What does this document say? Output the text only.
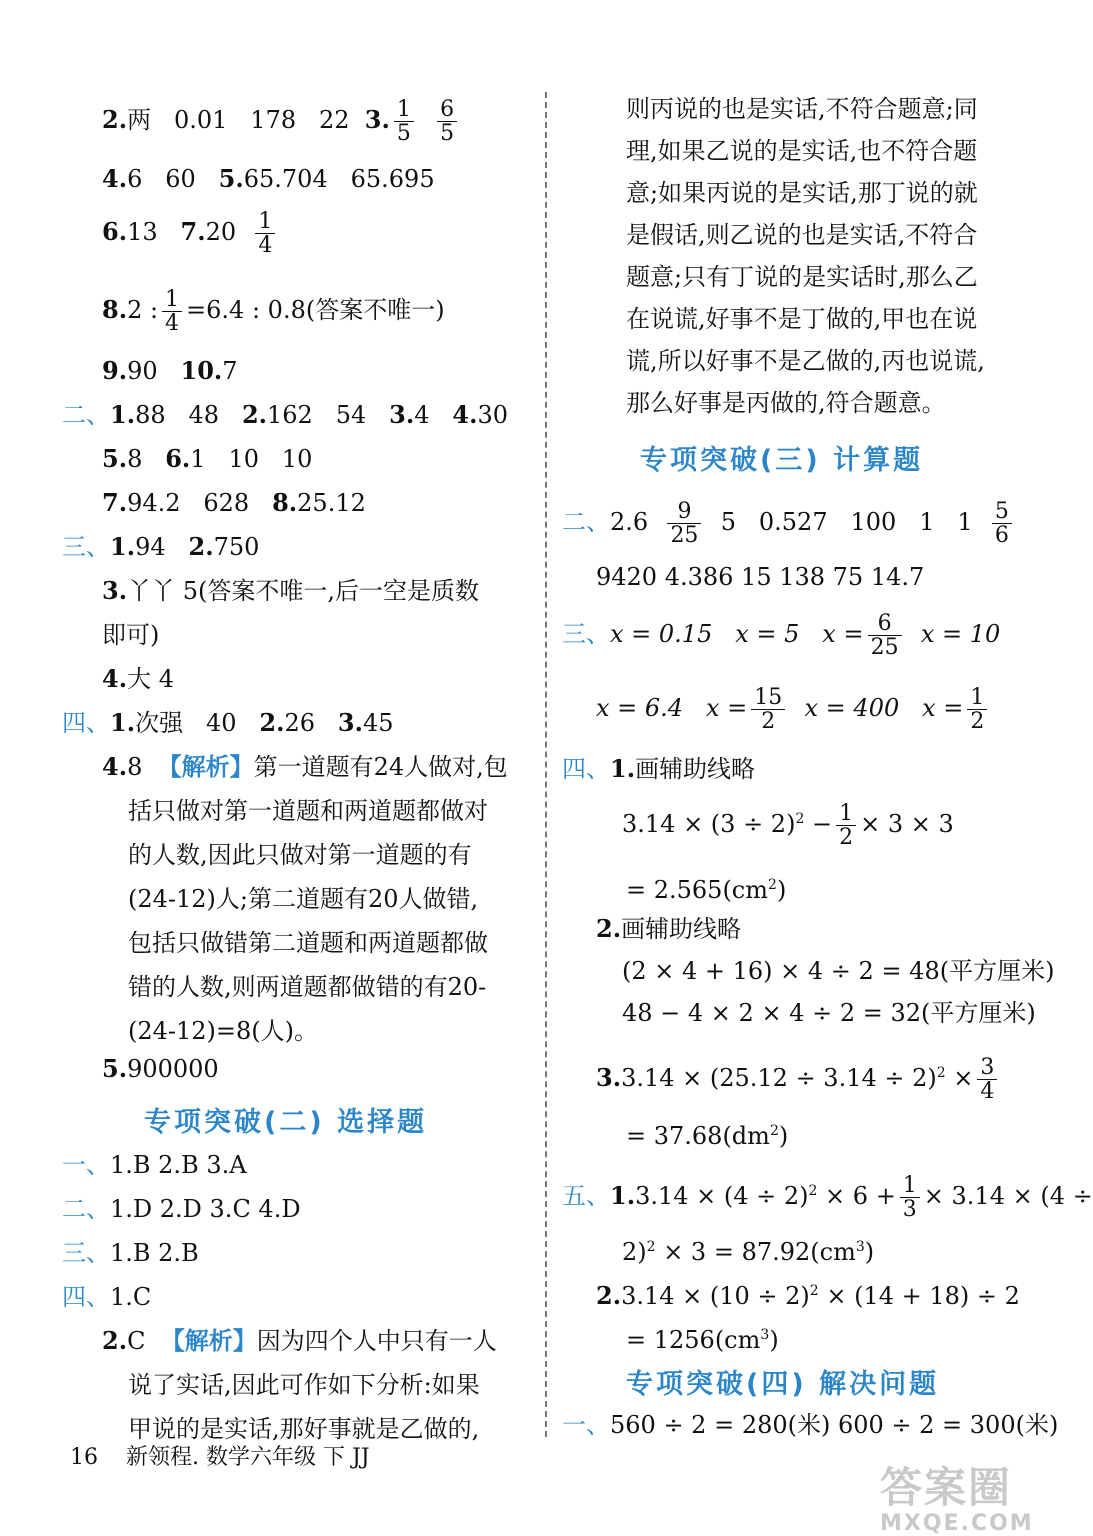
2.两 0.01 178 22 3. $\frac{1}{5}$
$\frac{6}{5}$
4.6 60 5.65.704 65.695
6.13 $7.20 \frac{1}{4}$
8.2 : $\frac{1}{4} =6.4$ : 0.8(答案不唯一)
9.90 10.7
二、1.88 48 2.162 54 3.4 4.30
5.8 6.1 10 10
7.94.2 628 8.25.12
三、1.94 2.750
3.丫丫 5(答案不唯一,后一空是质数
即可)
4.大 4
四、1.次强 40 2.26 3.45
4.8 【解析】第一道题有24人做对,包
括只做对第一道题和两道题都做对
的人数,因此只做对第一道题的有
(24-12)人;第二道题有20人做错,
包括只做错第二道题和两道题都做
错的人数,则两道题都做错的有20-
(24-12)=8(人)。
5.900000
专项突破(二) 选择题
一、1.B 2.B 3.A
二、1.D 2.D 3.C 4.D
三、1.B 2.B
四、1.C
2.C 【解析】因为四个人中只有一人
说了实话,因此可作如下分析:如果
甲说的是实话,那好事就是乙做的,
则丙说的也是实话,不符合题意;同
理,如果乙说的是实话,也不符合题
意;如果丙说的是实话,那丁说的就
是假话,则乙说的也是实话,不符合
题意;只有丁说的是实话时,那么乙
在说谎,好事不是丁做的,甲也在说
谎,所以好事不是乙做的,丙也说谎,
那么好事是丙做的,符合题意。
专项突破(三) 计算题
二、$2.6 \frac{9}{25} 5$ 0.527 100 1 $1 \frac{5}{6}$
9420 4.386 15 138 75 14.7
三、x = 0.15 x = 5 $x = \frac{6}{25}$ x = 10
x = 6.4 $x = \frac{15}{2}$ x = 400 $x = \frac{1}{2}$
四、1.画辅助线略
$3.14 \times (3 \div 2)^2 - \frac{1}{2} \times 3 \times 3$
= $2.565(cm^2)$
2.画辅助线略
(2 × 4 + 16) × 4 ÷ 2 = 48(平方厘米)
48 − 4 × 2 × 4 ÷ 2 = 32(平方厘米)
$3.3.14 \times (25.12 \div 3.14 \div 2)^2 \times \frac{3}{4}$
= $37.68(dm^2)$
五、$1.3.14 \times (4 \div 2)^2 \times 6 + \frac{1}{3} \times 3.14 \times (4$ ÷
$2)^2 \times 3 = 87.92(cm^3)$
$2.3.14 \times (10 \div 2)^2 \times (14 + 18) \div 2$
= $1256(cm^3)$
专项突破(四) 解决问题
一、560 ÷ 2 = 280(米) 600 ÷ 2 = 300(米)
16 新领程. 数学六年级 下 JJ
答案圈
MXQE.COM
